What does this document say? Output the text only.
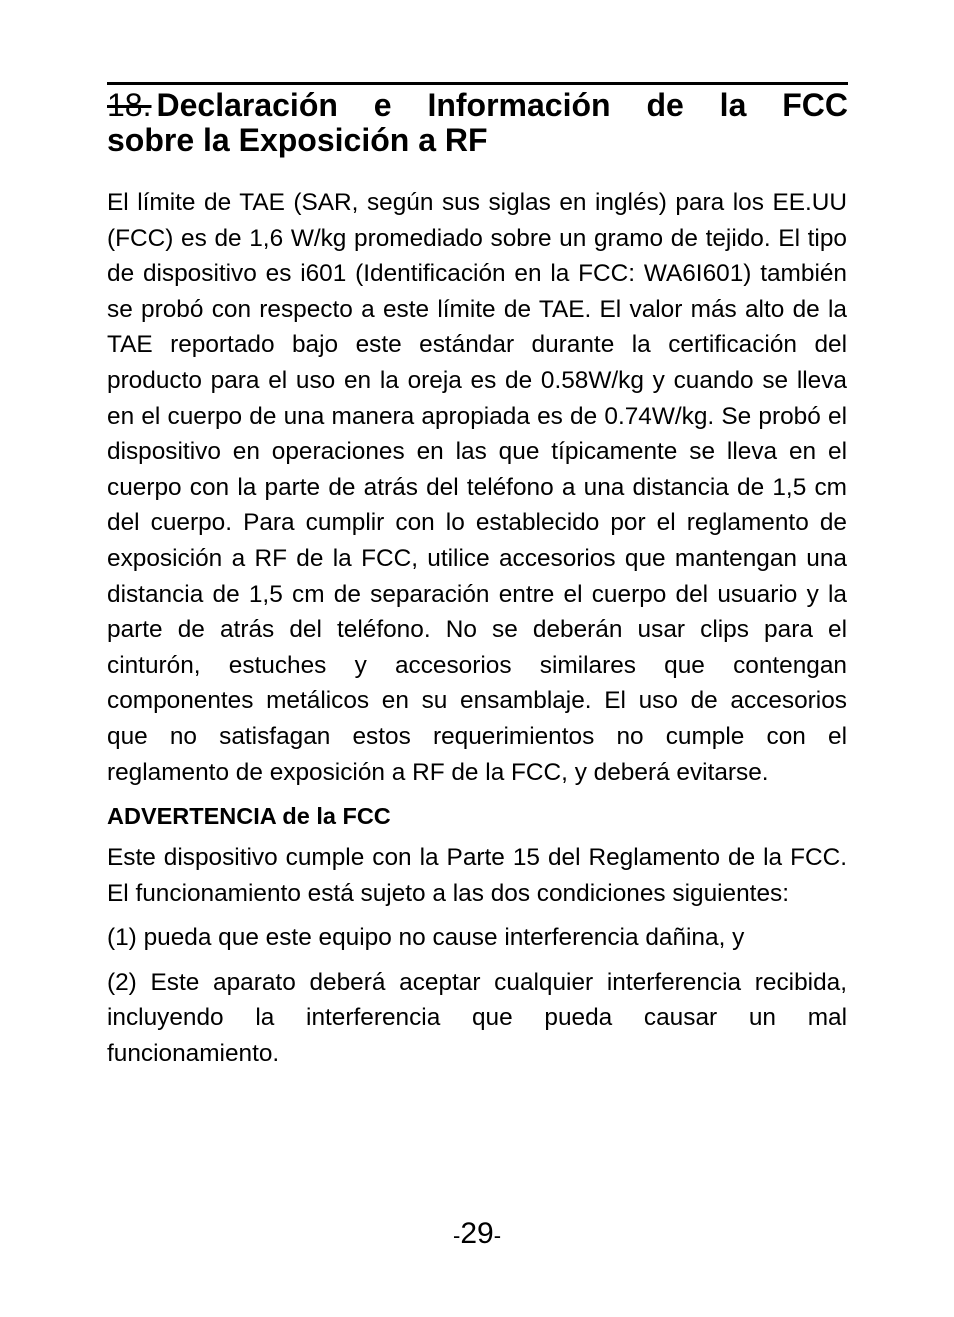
18. Declaración e Información de la FCC
sobre la Exposición a RF

El límite de TAE (SAR, según sus siglas en inglés) para los EE.UU (FCC) es de 1,6 W/kg promediado sobre un gramo de tejido. El tipo de dispositivo es i601 (Identificación en la FCC: WA6I601) también se probó con respecto a este límite de TAE. El valor más alto de la TAE reportado bajo este estándar durante la certificación del producto para el uso en la oreja es de 0.58W/kg y cuando se lleva en el cuerpo de una manera apropiada es de 0.74W/kg. Se probó el dispositivo en operaciones en las que típicamente se lleva en el cuerpo con la parte de atrás del teléfono a una distancia de 1,5 cm del cuerpo. Para cumplir con lo establecido por el reglamento de exposición a RF de la FCC, utilice accesorios que mantengan una distancia de 1,5 cm de separación entre el cuerpo del usuario y la parte de atrás del teléfono. No se deberán usar clips para el cinturón, estuches y accesorios similares que contengan componentes metálicos en su ensamblaje. El uso de accesorios que no satisfagan estos requerimientos no cumple con el reglamento de exposición a RF de la FCC, y deberá evitarse.

ADVERTENCIA de la FCC

Este dispositivo cumple con la Parte 15 del Reglamento de la FCC. El funcionamiento está sujeto a las dos condiciones siguientes:

(1) pueda que este equipo no cause interferencia dañina, y

(2) Este aparato deberá aceptar cualquier interferencia recibida, incluyendo la interferencia que pueda causar un mal funcionamiento.

-29-
